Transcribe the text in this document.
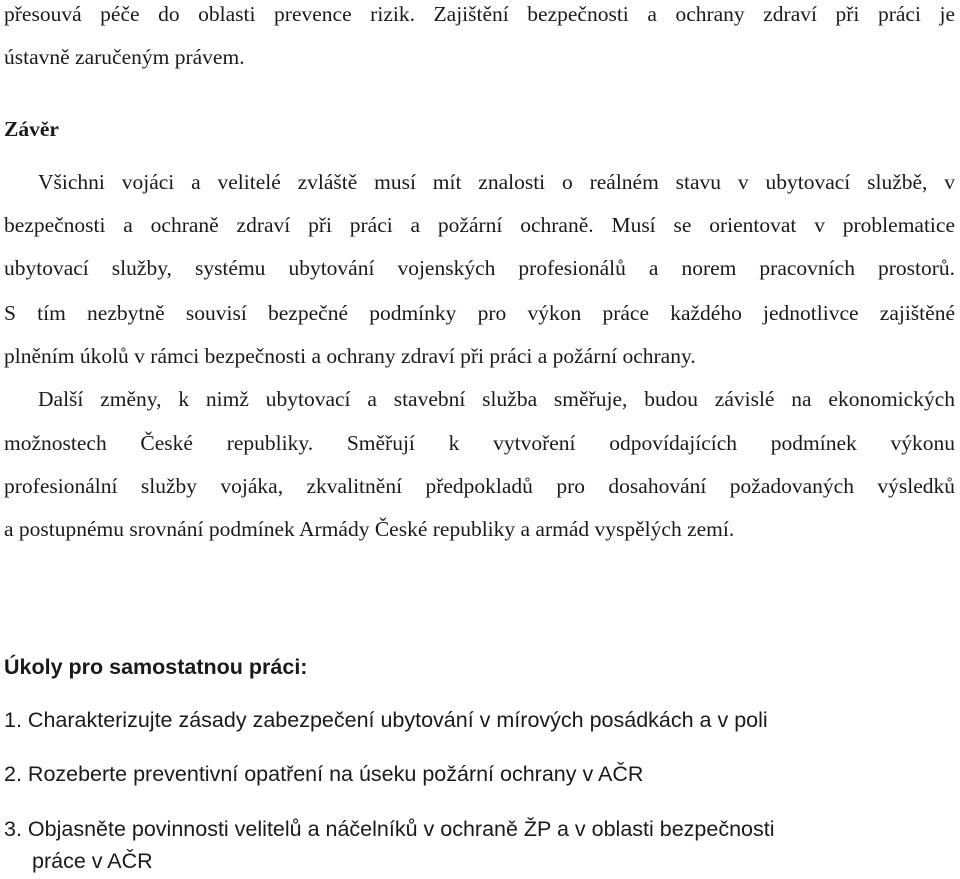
přesouvá péče do oblasti prevence rizik. Zajištění bezpečnosti a ochrany zdraví při práci je
ústavně zaručeným právem.
Závěr
Všichni vojáci a velitelé zvláště musí mít znalosti o reálném stavu v ubytovací službě, v
bezpečnosti a ochraně zdraví při práci a požární ochraně. Musí se orientovat v problematice
ubytovací služby, systému ubytování vojenských profesionálů a norem pracovních prostorů.
S tím nezbytně souvisí bezpečné podmínky pro výkon práce každého jednotlivce zajištěné
plněním úkolů v rámci bezpečnosti a ochrany zdraví při práci a požární ochrany.
Další změny, k nimž ubytovací a stavební služba směřuje, budou závislé na ekonomických
možnostech České republiky. Směřují k vytvoření odpovídajících podmínek výkonu
profesionální služby vojáka, zkvalitnění předpokladů pro dosahování požadovaných výsledků
a postupnému srovnání podmínek Armády České republiky a armád vyspělých zemí.
Úkoly pro samostatnou práci:
1. Charakterizujte zásady zabezpečení ubytování v mírových posádkách a v poli
2. Rozeberte preventivní opatření na úseku požární ochrany v AČR
3. Objasněte povinnosti velitelů a náčelníků v ochraně ŽP a v oblasti bezpečnosti
práce v AČR
